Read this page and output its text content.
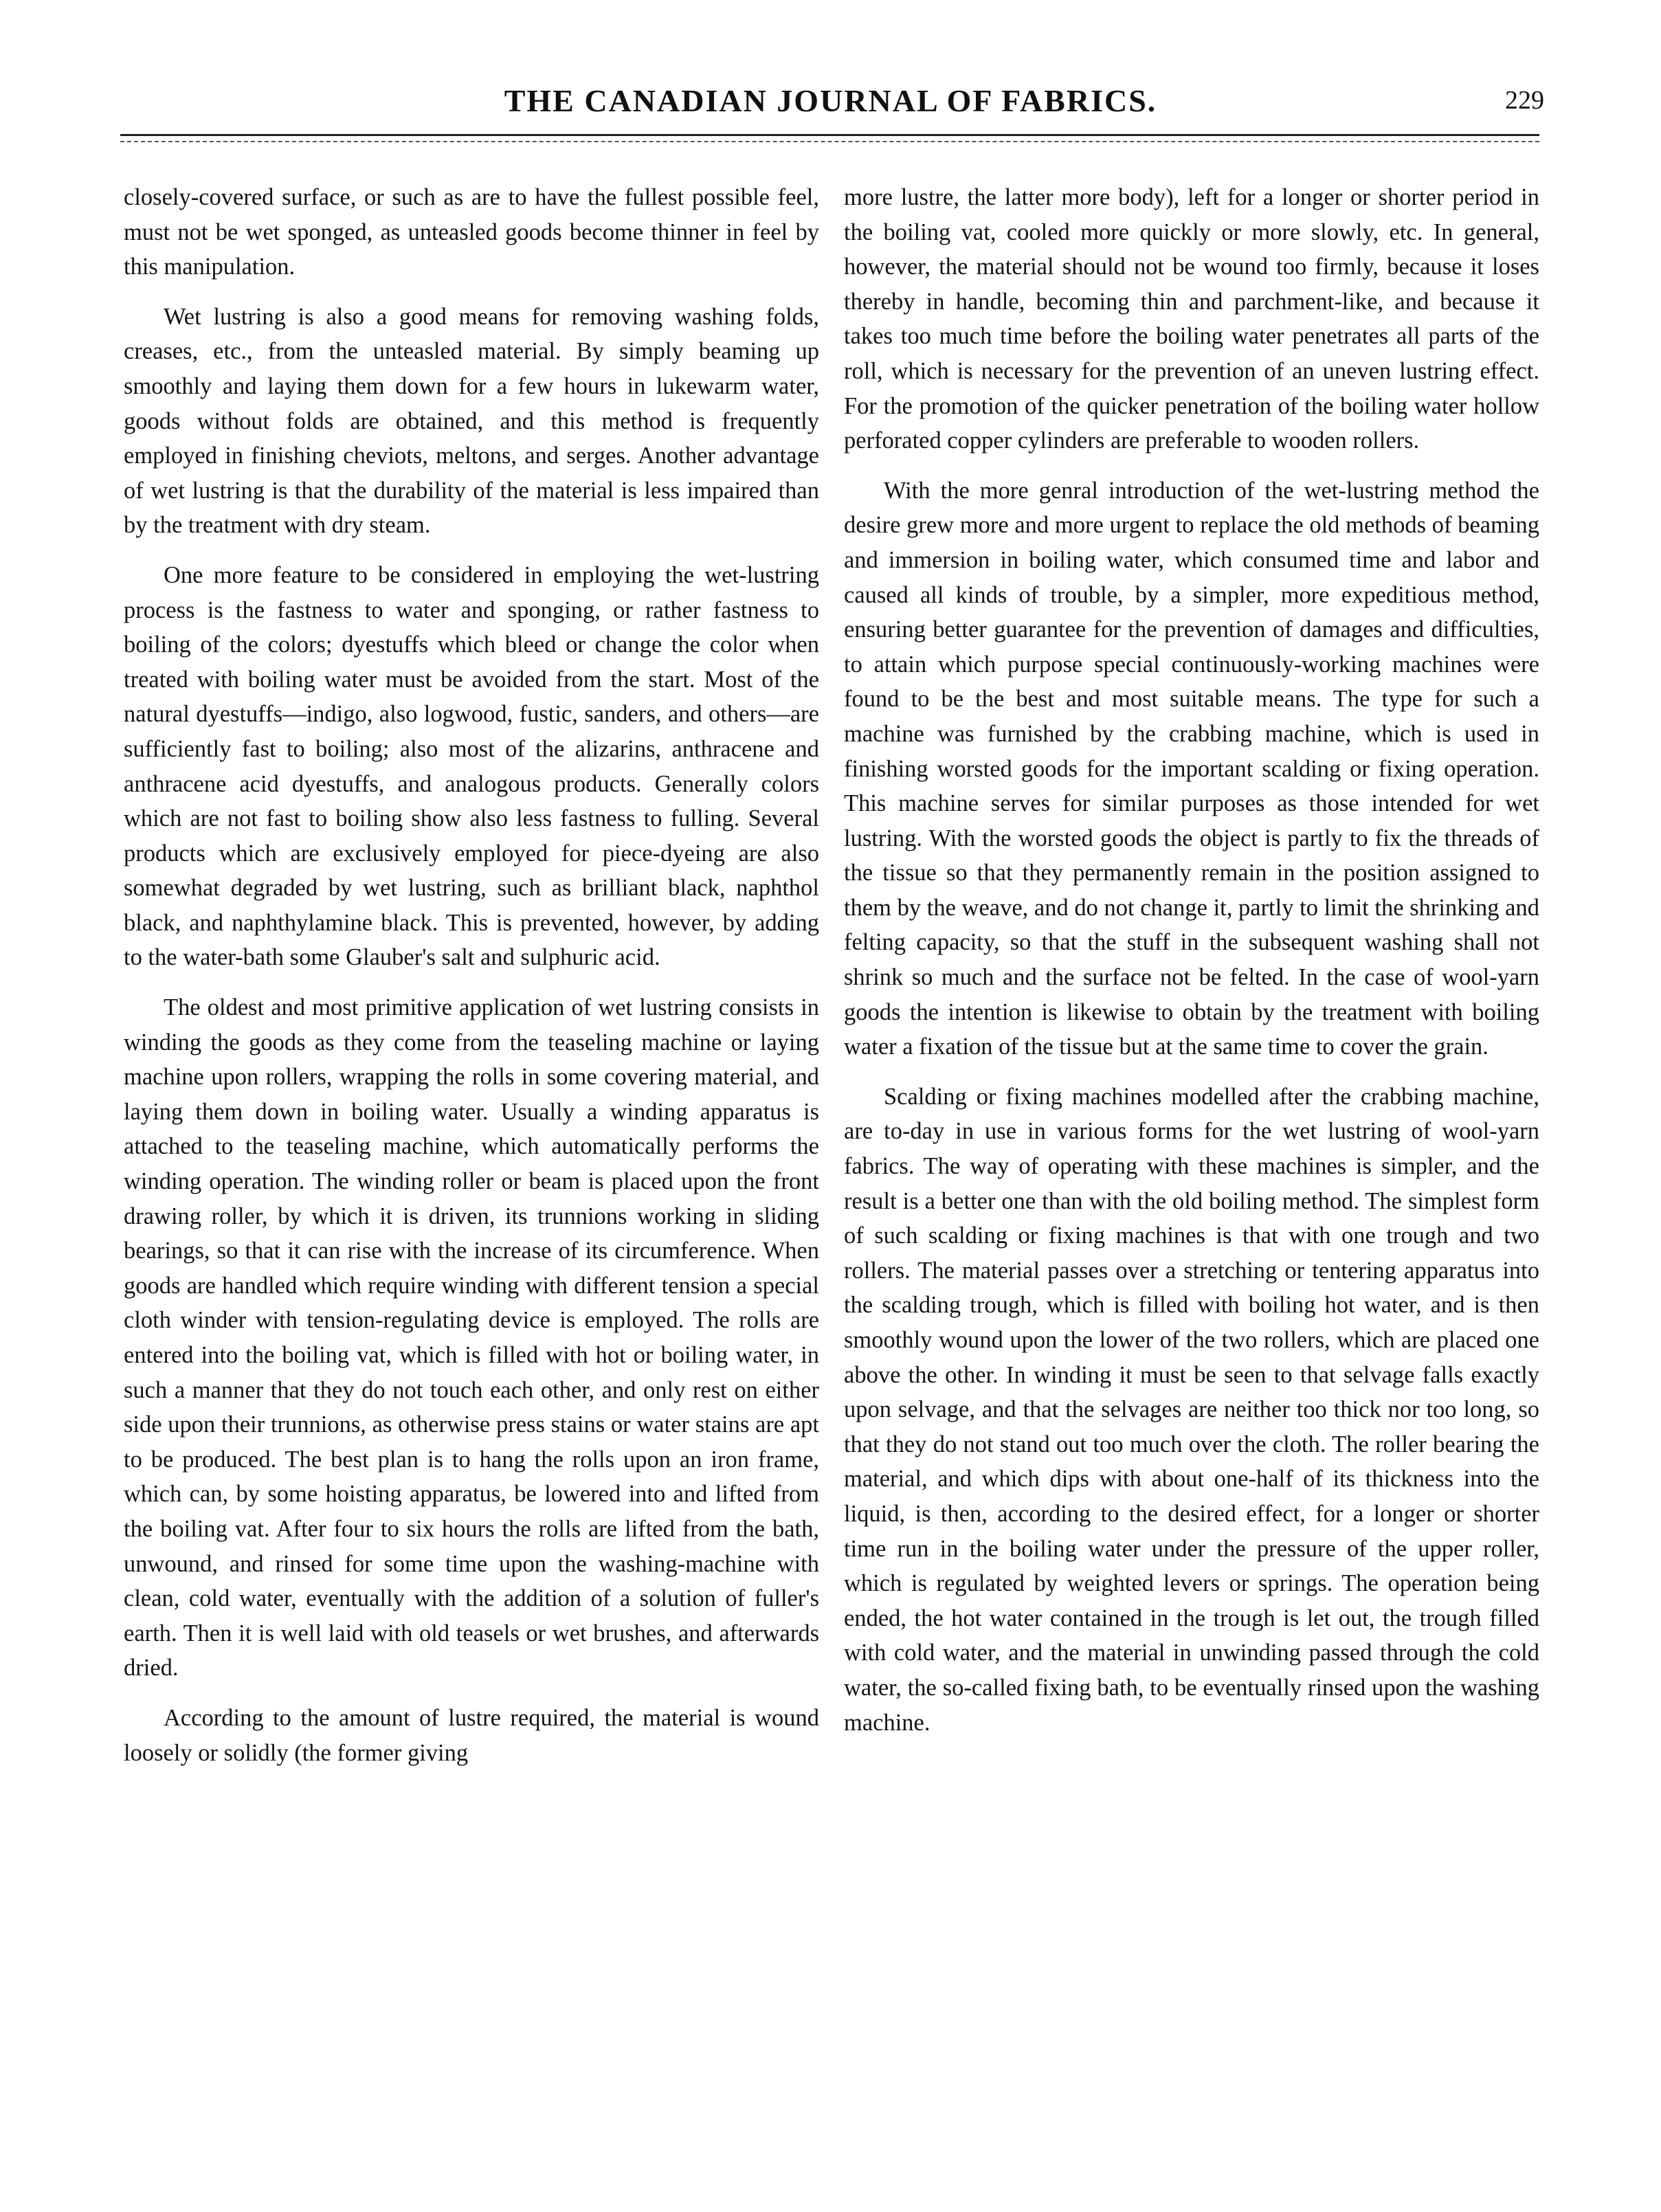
THE CANADIAN JOURNAL OF FABRICS.	229

closely-covered surface, or such as are to have the fullest possible feel, must not be wet sponged, as unteasled goods become thinner in feel by this manipulation.

Wet lustring is also a good means for removing washing folds, creases, etc., from the unteasled material. By simply beaming up smoothly and laying them down for a few hours in lukewarm water, goods without folds are obtained, and this method is frequently employed in finishing cheviots, meltons, and serges. Another advantage of wet lustring is that the durability of the material is less impaired than by the treatment with dry steam.

One more feature to be considered in employing the wet-lustring process is the fastness to water and sponging, or rather fastness to boiling of the colors; dyestuffs which bleed or change the color when treated with boiling water must be avoided from the start. Most of the natural dyestuffs—indigo, also logwood, fustic, sanders, and others—are sufficiently fast to boiling; also most of the alizarins, anthracene and anthracene acid dyestuffs, and analogous products. Generally colors which are not fast to boiling show also less fastness to fulling. Several products which are exclusively employed for piece-dyeing are also somewhat degraded by wet lustring, such as brilliant black, naphthol black, and naphthylamine black. This is prevented, however, by adding to the water-bath some Glauber's salt and sulphuric acid.

The oldest and most primitive application of wet lustring consists in winding the goods as they come from the teaseling machine or laying machine upon rollers, wrapping the rolls in some covering material, and laying them down in boiling water. Usually a winding apparatus is attached to the teaseling machine, which automatically performs the winding operation. The winding roller or beam is placed upon the front drawing roller, by which it is driven, its trunnions working in sliding bearings, so that it can rise with the increase of its circumference. When goods are handled which require winding with different tension a special cloth winder with tension-regulating device is employed. The rolls are entered into the boiling vat, which is filled with hot or boiling water, in such a manner that they do not touch each other, and only rest on either side upon their trunnions, as otherwise press stains or water stains are apt to be produced. The best plan is to hang the rolls upon an iron frame, which can, by some hoisting apparatus, be lowered into and lifted from the boiling vat. After four to six hours the rolls are lifted from the bath, unwound, and rinsed for some time upon the washing-machine with clean, cold water, eventually with the addition of a solution of fuller's earth. Then it is well laid with old teasels or wet brushes, and afterwards dried.

According to the amount of lustre required, the material is wound loosely or solidly (the former giving

more lustre, the latter more body), left for a longer or shorter period in the boiling vat, cooled more quickly or more slowly, etc. In general, however, the material should not be wound too firmly, because it loses thereby in handle, becoming thin and parchment-like, and because it takes too much time before the boiling water penetrates all parts of the roll, which is necessary for the prevention of an uneven lustring effect. For the promotion of the quicker penetration of the boiling water hollow perforated copper cylinders are preferable to wooden rollers.

With the more genral introduction of the wet-lustring method the desire grew more and more urgent to replace the old methods of beaming and immersion in boiling water, which consumed time and labor and caused all kinds of trouble, by a simpler, more expeditious method, ensuring better guarantee for the prevention of damages and difficulties, to attain which purpose special continuously-working machines were found to be the best and most suitable means. The type for such a machine was furnished by the crabbing machine, which is used in finishing worsted goods for the important scalding or fixing operation. This machine serves for similar purposes as those intended for wet lustring. With the worsted goods the object is partly to fix the threads of the tissue so that they permanently remain in the position assigned to them by the weave, and do not change it, partly to limit the shrinking and felting capacity, so that the stuff in the subsequent washing shall not shrink so much and the surface not be felted. In the case of wool-yarn goods the intention is likewise to obtain by the treatment with boiling water a fixation of the tissue but at the same time to cover the grain.

Scalding or fixing machines modelled after the crabbing machine, are to-day in use in various forms for the wet lustring of wool-yarn fabrics. The way of operating with these machines is simpler, and the result is a better one than with the old boiling method. The simplest form of such scalding or fixing machines is that with one trough and two rollers. The material passes over a stretching or tentering apparatus into the scalding trough, which is filled with boiling hot water, and is then smoothly wound upon the lower of the two rollers, which are placed one above the other. In winding it must be seen to that selvage falls exactly upon selvage, and that the selvages are neither too thick nor too long, so that they do not stand out too much over the cloth. The roller bearing the material, and which dips with about one-half of its thickness into the liquid, is then, according to the desired effect, for a longer or shorter time run in the boiling water under the pressure of the upper roller, which is regulated by weighted levers or springs. The operation being ended, the hot water contained in the trough is let out, the trough filled with cold water, and the material in unwinding passed through the cold water, the so-called fixing bath, to be eventually rinsed upon the washing machine.
